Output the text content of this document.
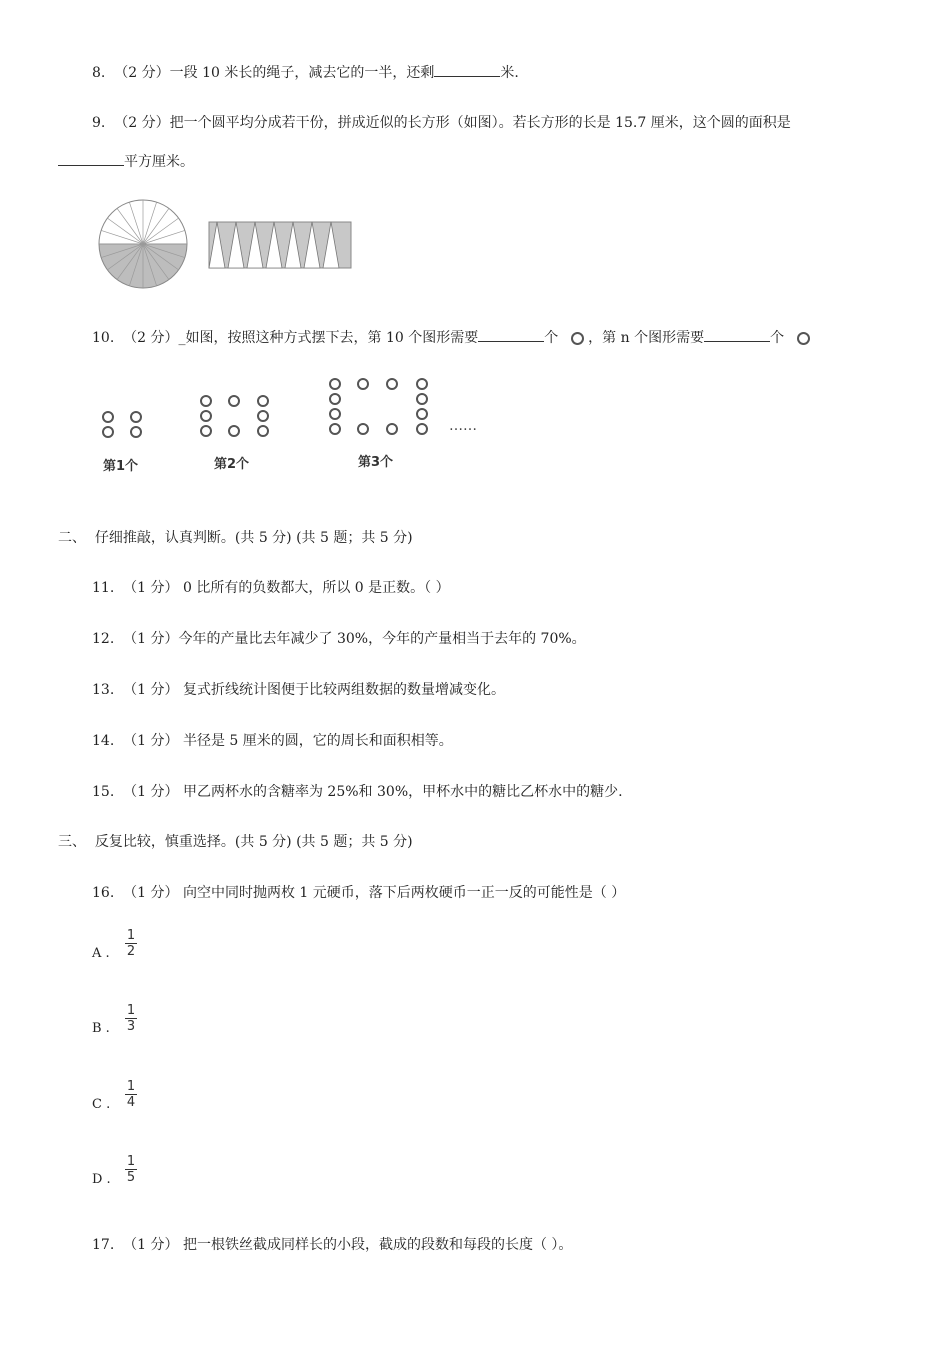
8. （2 分）一段 10 米长的绳子，减去它的一半，还剩	米.
9. （2 分）把一个圆平均分成若干份，拼成近似的长方形（如图）。若长方形的长是 15.7 厘米，这个圆的面积是
平方厘米。
10. （2 分）_如图，按照这种方式摆下去，第 10 个图形需要	个 ，第 n 个图形需要	个
……
第1个	第2个	第3个
二、 仔细推敲，认真判断。(共 5 分) (共 5 题；共 5 分)
11. （1 分） 0 比所有的负数都大，所以 0 是正数。（ ）
12. （1 分）今年的产量比去年减少了 30%，今年的产量相当于去年的 70%。
13. （1 分） 复式折线统计图便于比较两组数据的数量增减变化。
14. （1 分） 半径是 5 厘米的圆，它的周长和面积相等。
15. （1 分） 甲乙两杯水的含糖率为 25%和 30%，甲杯水中的糖比乙杯水中的糖少.
三、 反复比较，慎重选择。(共 5 分) (共 5 题；共 5 分)
16. （1 分） 向空中同时抛两枚 1 元硬币，落下后两枚硬币一正一反的可能性是（ ）
A .
1
2
B .
1
3
C .
1
4
D .
1
5
17. （1 分） 把一根铁丝截成同样长的小段，截成的段数和每段的长度（ ）。
